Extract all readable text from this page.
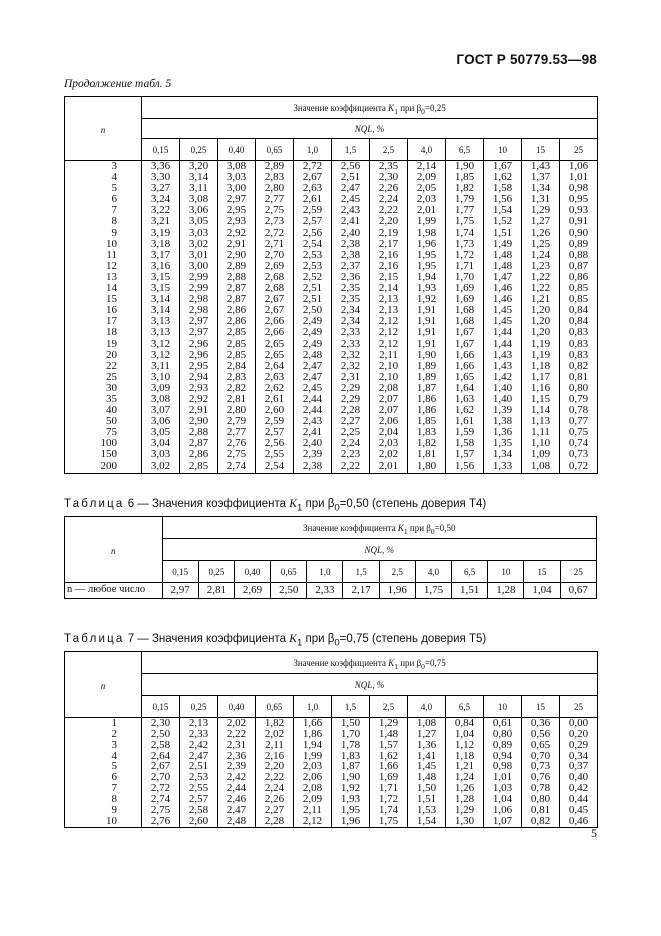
ГОСТ Р 50779.53—98
Продолжение табл. 5
n	Значение коэффициента $K_1$ при $\beta_0=0,25$											
	NQL, %											
	0,15	0,25	0,40	0,65	1,0	1,5	2,5	4,0	6,5	10	15	25
3	3,36	3,20	3,08	2,89	2,72	2,56	2,35	2,14	1,90	1,67	1,43	1,06
4	3,30	3,14	3,03	2,83	2,67	2,51	2,30	2,09	1,85	1,62	1,37	1,01
5	3,27	3,11	3,00	2,80	2,63	2,47	2,26	2,05	1,82	1,58	1,34	0,98
6	3,24	3,08	2,97	2,77	2,61	2,45	2,24	2,03	1,79	1,56	1,31	0,95
7	3,22	3,06	2,95	2,75	2,59	2,43	2,22	2,01	1,77	1,54	1,29	0,93
8	3,21	3,05	2,93	2,73	2,57	2,41	2,20	1,99	1,75	1,52	1,27	0,91
9	3,19	3,03	2,92	2,72	2,56	2,40	2,19	1,98	1,74	1,51	1,26	0,90
10	3,18	3,02	2,91	2,71	2,54	2,38	2,17	1,96	1,73	1,49	1,25	0,89
11	3,17	3,01	2,90	2,70	2,53	2,38	2,16	1,95	1,72	1,48	1,24	0,88
12	3,16	3,00	2,89	2,69	2,53	2,37	2,16	1,95	1,71	1,48	1,23	0,87
13	3,15	2,99	2,88	2,68	2,52	2,36	2,15	1,94	1,70	1,47	1,22	0,86
14	3,15	2,99	2,87	2,68	2,51	2,35	2,14	1,93	1,69	1,46	1,22	0,85
15	3,14	2,98	2,87	2,67	2,51	2,35	2,13	1,92	1,69	1,46	1,21	0,85
16	3,14	2,98	2,86	2,67	2,50	2,34	2,13	1,91	1,68	1,45	1,20	0,84
17	3,13	2,97	2,86	2,66	2,49	2,34	2,12	1,91	1,68	1,45	1,20	0,84
18	3,13	2,97	2,85	2,66	2,49	2,33	2,12	1,91	1,67	1,44	1,20	0,83
19	3,12	2,96	2,85	2,65	2,49	2,33	2,12	1,91	1,67	1,44	1,19	0,83
20	3,12	2,96	2,85	2,65	2,48	2,32	2,11	1,90	1,66	1,43	1,19	0,83
22	3,11	2,95	2,84	2,64	2,47	2,32	2,10	1,89	1,66	1,43	1,18	0,82
25	3,10	2,94	2,83	2,63	2,47	2,31	2,10	1,89	1,65	1,42	1,17	0,81
30	3,09	2,93	2,82	2,62	2,45	2,29	2,08	1,87	1,64	1,40	1,16	0,80
35	3,08	2,92	2,81	2,61	2,44	2,29	2,07	1,86	1,63	1,40	1,15	0,79
40	3,07	2,91	2,80	2,60	2,44	2,28	2,07	1,86	1,62	1,39	1,14	0,78
50	3,06	2,90	2,79	2,59	2,43	2,27	2,06	1,85	1,61	1,38	1,13	0,77
75	3,05	2,88	2,77	2,57	2,41	2,25	2,04	1,83	1,59	1,36	1,11	0,75
100	3,04	2,87	2,76	2,56	2,40	2,24	2,03	1,82	1,58	1,35	1,10	0,74
150	3,03	2,86	2,75	2,55	2,39	2,23	2,02	1,81	1,57	1,34	1,09	0,73
200	3,02	2,85	2,74	2,54	2,38	2,22	2,01	1,80	1,56	1,33	1,08	0,72
Таблица 6 — Значения коэффициента $K_1$ при $\beta_0=0,50$ (степень доверия Т4)
n	Значение коэффициента $K_1$ при $\beta_0=0,50$											
	NQL, %											
	0,15	0,25	0,40	0,65	1,0	1,5	2,5	4,0	6,5	10	15	25
n — любое число	2,97	2,81	2,69	2,50	2,33	2,17	1,96	1,75	1,51	1,28	1,04	0,67
Таблица 7 — Значения коэффициента $K_1$ при $\beta_0=0,75$ (степень доверия Т5)
n	Значение коэффициента $K_1$ при $\beta_0=0,75$											
	NQL, %											
	0,15	0,25	0,40	0,65	1,0	1,5	2,5	4,0	6,5	10	15	25
1	2,30	2,13	2,02	1,82	1,66	1,50	1,29	1,08	0,84	0,61	0,36	0,00
2	2,50	2,33	2,22	2,02	1,86	1,70	1,48	1,27	1,04	0,80	0,56	0,20
3	2,58	2,42	2,31	2,11	1,94	1,78	1,57	1,36	1,12	0,89	0,65	0,29
4	2,64	2,47	2,36	2,16	1,99	1,83	1,62	1,41	1,18	0,94	0,70	0,34
5	2,67	2,51	2,39	2,20	2,03	1,87	1,66	1,45	1,21	0,98	0,73	0,37
6	2,70	2,53	2,42	2,22	2,06	1,90	1,69	1,48	1,24	1,01	0,76	0,40
7	2,72	2,55	2,44	2,24	2,08	1,92	1,71	1,50	1,26	1,03	0,78	0,42
8	2,74	2,57	2,46	2,26	2,09	1,93	1,72	1,51	1,28	1,04	0,80	0,44
9	2,75	2,58	2,47	2,27	2,11	1,95	1,74	1,53	1,29	1,06	0,81	0,45
10	2,76	2,60	2,48	2,28	2,12	1,96	1,75	1,54	1,30	1,07	0,82	0,46
5
